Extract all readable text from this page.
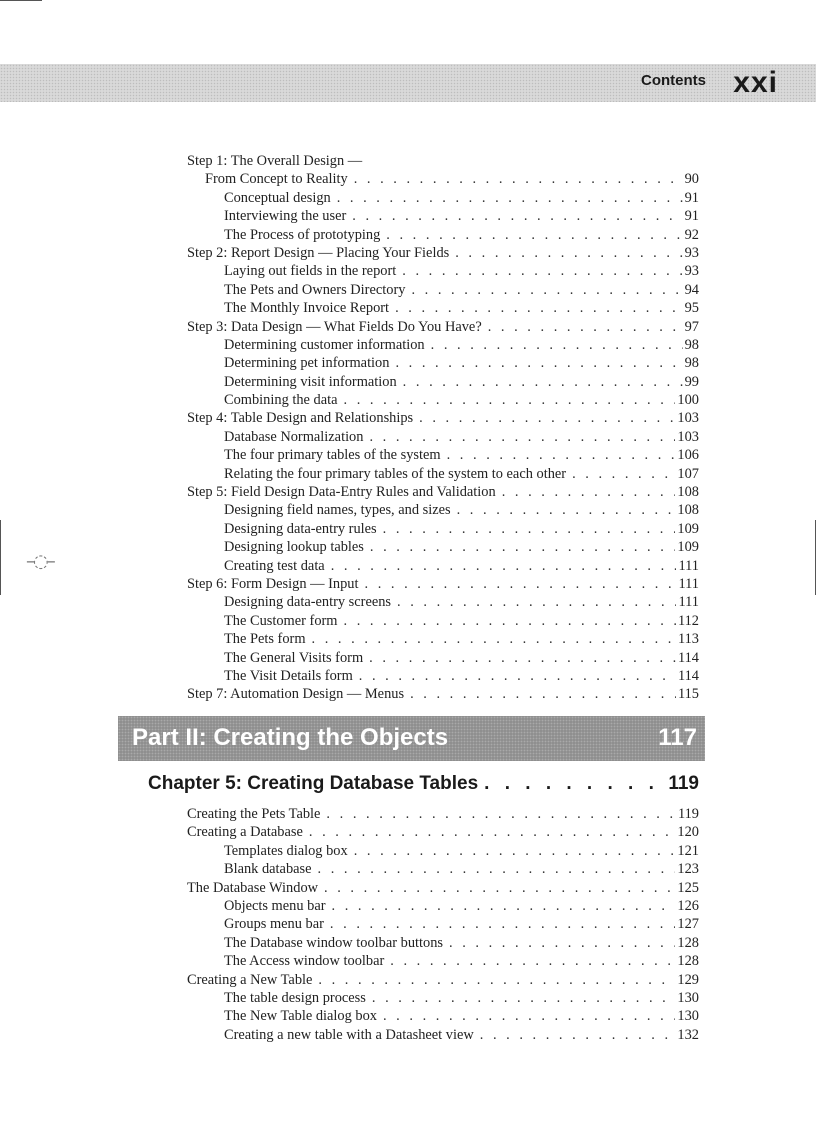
Contents xxi
–◌–
Step 1: The Overall Design —
From Concept to Reality . . .	90
Conceptual design . . .	91
Interviewing the user . . .	91
The Process of prototyping . . .	92
Step 2: Report Design — Placing Your Fields . . .	93
Laying out fields in the report . . .	93
The Pets and Owners Directory . . .	94
The Monthly Invoice Report . . .	95
Step 3: Data Design — What Fields Do You Have? . . .	97
Determining customer information . . .	98
Determining pet information . . .	98
Determining visit information . . .	99
Combining the data . . .	100
Step 4: Table Design and Relationships . . .	103
Database Normalization . . .	103
The four primary tables of the system . . .	106
Relating the four primary tables of the system to each other . . .	107
Step 5: Field Design Data-Entry Rules and Validation . . .	108
Designing field names, types, and sizes . . .	108
Designing data-entry rules . . .	109
Designing lookup tables . . .	109
Creating test data . . .	111
Step 6: Form Design — Input . . .	111
Designing data-entry screens . . .	111
The Customer form . . .	112
The Pets form . . .	113
The General Visits form . . .	114
The Visit Details form . . .	114
Step 7: Automation Design — Menus . . .	115
Part II: Creating the Objects	117
Chapter 5: Creating Database Tables . . .	119
Creating the Pets Table . . .	119
Creating a Database . . .	120
Templates dialog box . . .	121
Blank database . . .	123
The Database Window . . .	125
Objects menu bar . . .	126
Groups menu bar . . .	127
The Database window toolbar buttons . . .	128
The Access window toolbar . . .	128
Creating a New Table . . .	129
The table design process . . .	130
The New Table dialog box . . .	130
Creating a new table with a Datasheet view . . .	132
